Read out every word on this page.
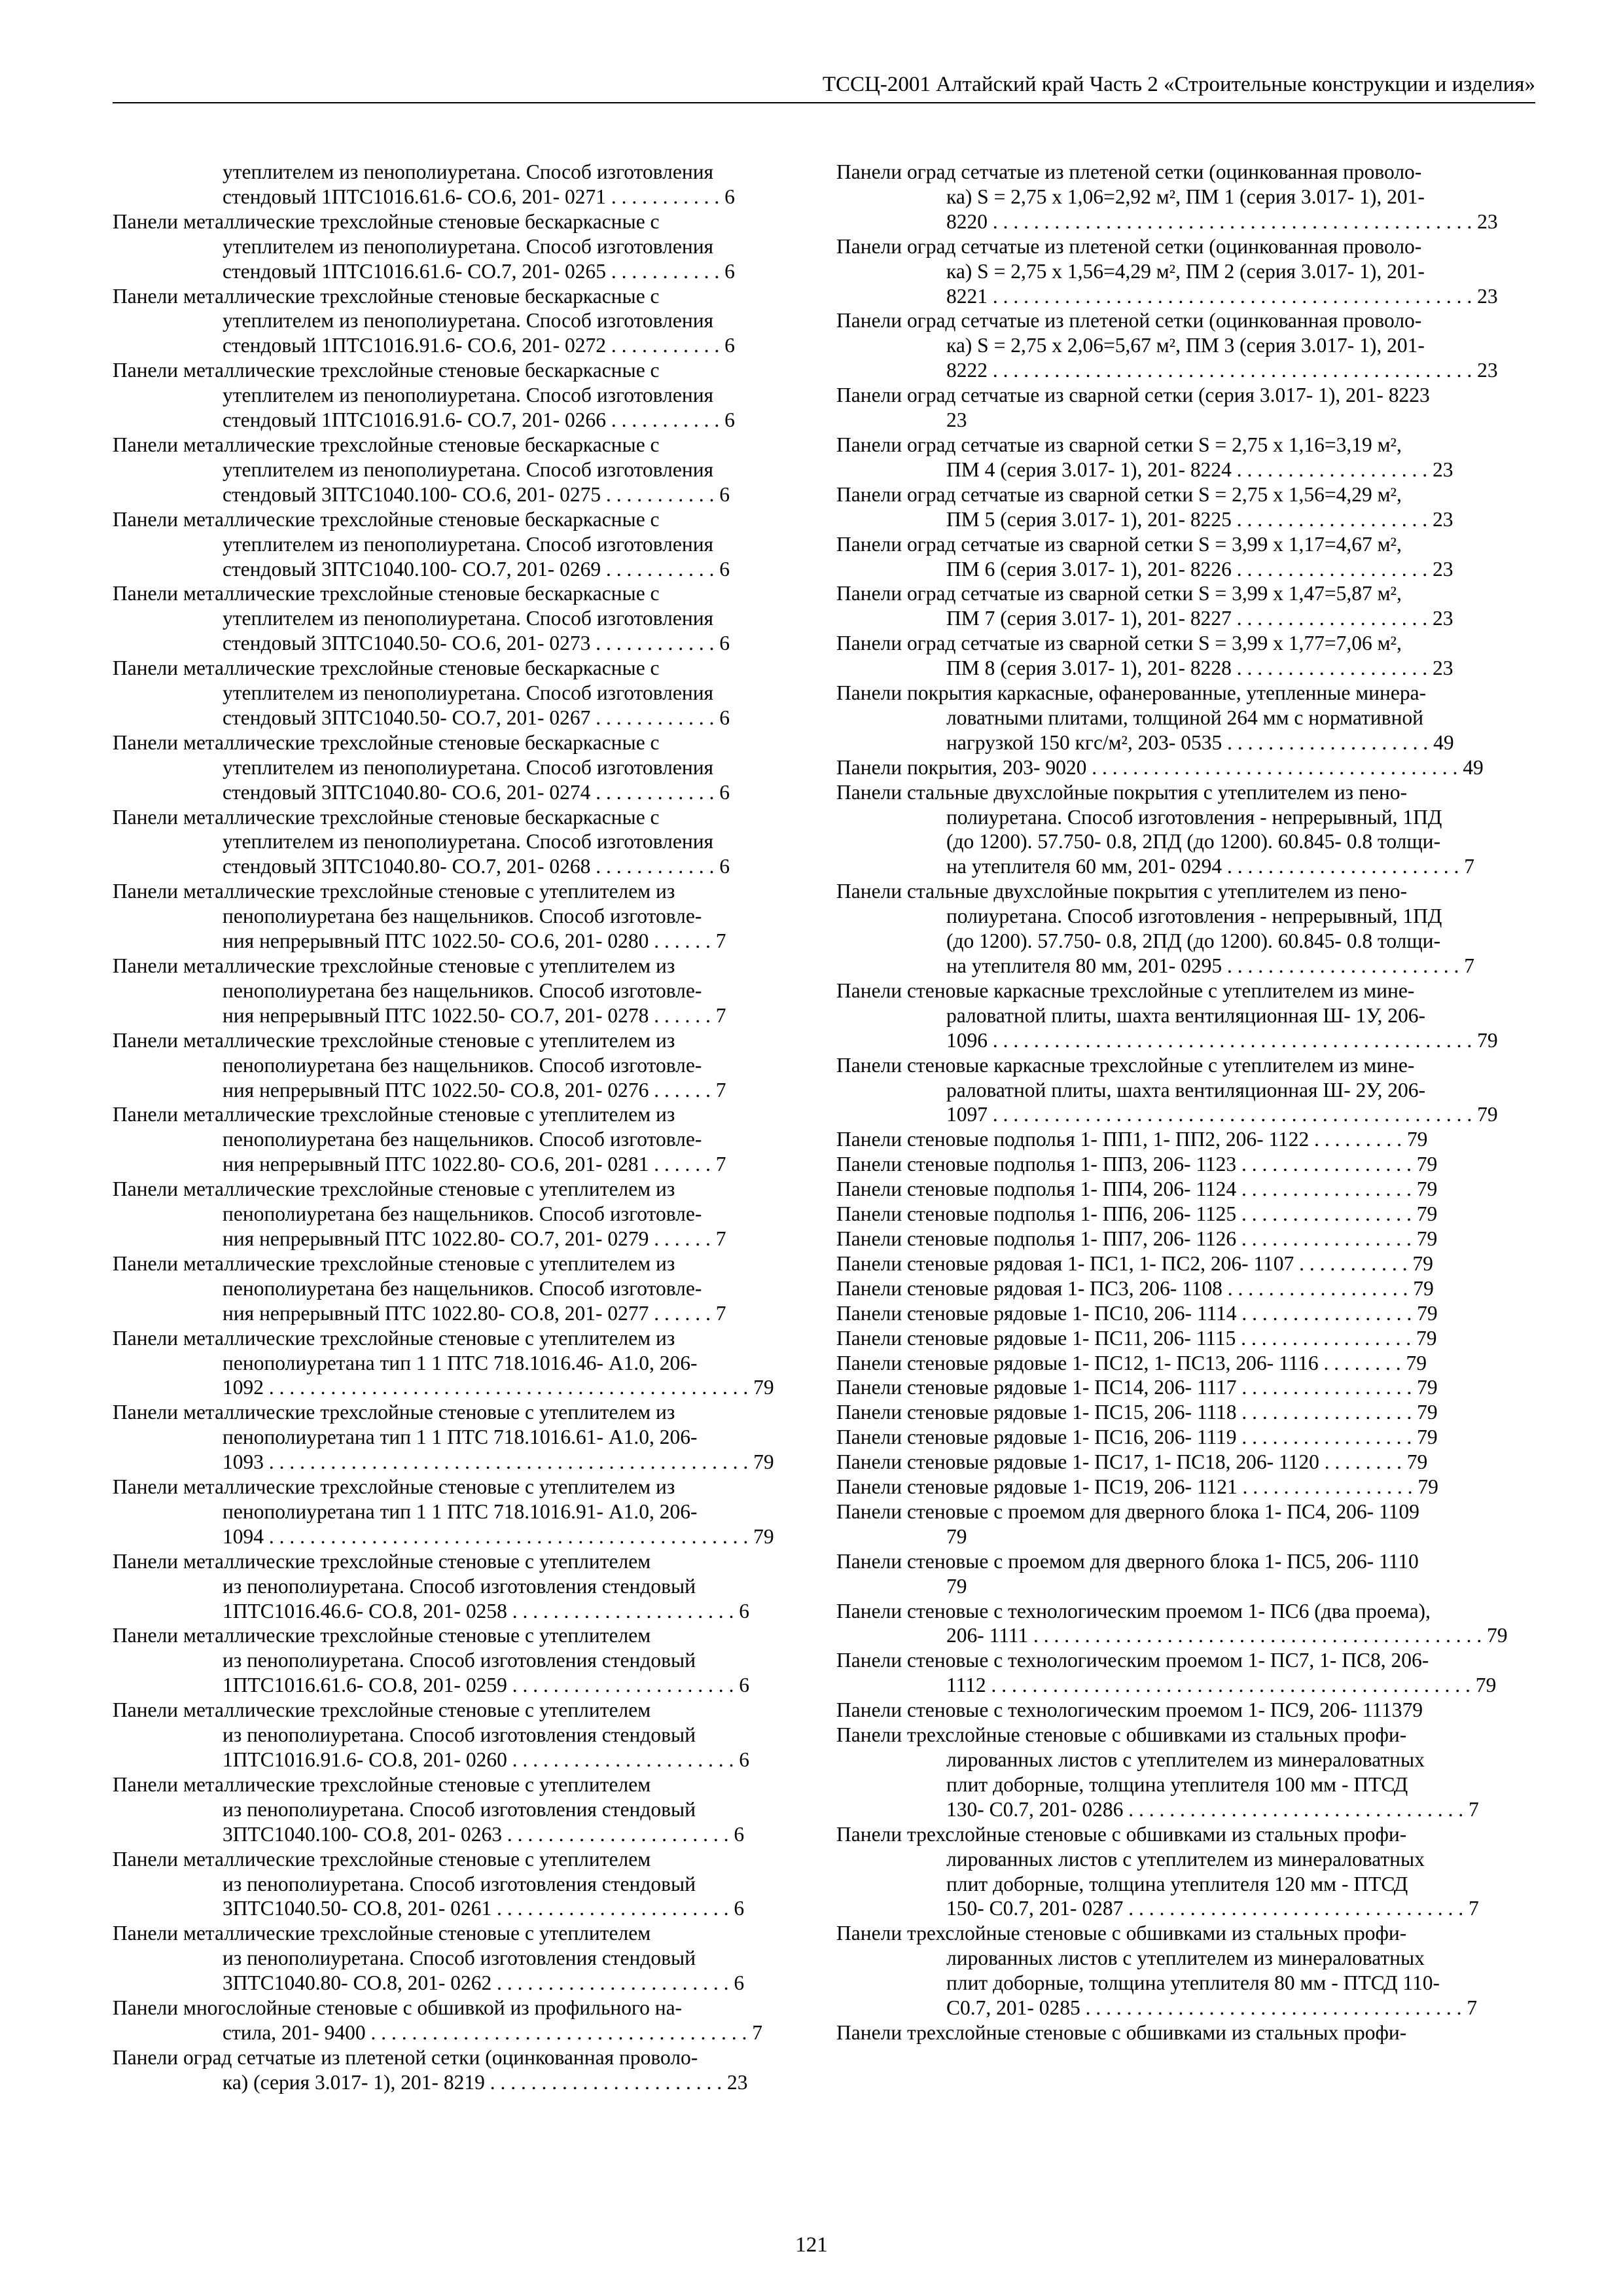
ТССЦ-2001 Алтайский край Часть 2 «Строительные конструкции и изделия»
утеплителем из пенополиуретана. Способ изготовления
стендовый 1ПТС1016.61.6- СО.6, 201- 0271 . . . . . . . . . . . 6
Панели металлические трехслойные стеновые бескаркасные с
утеплителем из пенополиуретана. Способ изготовления
стендовый 1ПТС1016.61.6- СО.7, 201- 0265 . . . . . . . . . . . 6
Панели металлические трехслойные стеновые бескаркасные с
утеплителем из пенополиуретана. Способ изготовления
стендовый 1ПТС1016.91.6- СО.6, 201- 0272 . . . . . . . . . . . 6
Панели металлические трехслойные стеновые бескаркасные с
утеплителем из пенополиуретана. Способ изготовления
стендовый 1ПТС1016.91.6- СО.7, 201- 0266 . . . . . . . . . . . 6
Панели металлические трехслойные стеновые бескаркасные с
утеплителем из пенополиуретана. Способ изготовления
стендовый 3ПТС1040.100- СО.6, 201- 0275 . . . . . . . . . . . 6
Панели металлические трехслойные стеновые бескаркасные с
утеплителем из пенополиуретана. Способ изготовления
стендовый 3ПТС1040.100- СО.7, 201- 0269 . . . . . . . . . . . 6
Панели металлические трехслойные стеновые бескаркасные с
утеплителем из пенополиуретана. Способ изготовления
стендовый 3ПТС1040.50- СО.6, 201- 0273 . . . . . . . . . . . . 6
Панели металлические трехслойные стеновые бескаркасные с
утеплителем из пенополиуретана. Способ изготовления
стендовый 3ПТС1040.50- СО.7, 201- 0267 . . . . . . . . . . . . 6
Панели металлические трехслойные стеновые бескаркасные с
утеплителем из пенополиуретана. Способ изготовления
стендовый 3ПТС1040.80- СО.6, 201- 0274 . . . . . . . . . . . . 6
Панели металлические трехслойные стеновые бескаркасные с
утеплителем из пенополиуретана. Способ изготовления
стендовый 3ПТС1040.80- СО.7, 201- 0268 . . . . . . . . . . . . 6
Панели металлические трехслойные стеновые с утеплителем из
пенополиуретана без нащельников. Способ изготовле-
ния непрерывный ПТС 1022.50- СО.6, 201- 0280 . . . . . . 7
Панели металлические трехслойные стеновые с утеплителем из
пенополиуретана без нащельников. Способ изготовле-
ния непрерывный ПТС 1022.50- СО.7, 201- 0278 . . . . . . 7
Панели металлические трехслойные стеновые с утеплителем из
пенополиуретана без нащельников. Способ изготовле-
ния непрерывный ПТС 1022.50- СО.8, 201- 0276 . . . . . . 7
Панели металлические трехслойные стеновые с утеплителем из
пенополиуретана без нащельников. Способ изготовле-
ния непрерывный ПТС 1022.80- СО.6, 201- 0281 . . . . . . 7
Панели металлические трехслойные стеновые с утеплителем из
пенополиуретана без нащельников. Способ изготовле-
ния непрерывный ПТС 1022.80- СО.7, 201- 0279 . . . . . . 7
Панели металлические трехслойные стеновые с утеплителем из
пенополиуретана без нащельников. Способ изготовле-
ния непрерывный ПТС 1022.80- СО.8, 201- 0277 . . . . . . 7
Панели металлические трехслойные стеновые с утеплителем из
пенополиуретана тип 1 1 ПТС 718.1016.46- А1.0, 206-
1092 . . . . . . . . . . . . . . . . . . . . . . . . . . . . . . . . . . . . . . . . . . . . . . . 79
Панели металлические трехслойные стеновые с утеплителем из
пенополиуретана тип 1 1 ПТС 718.1016.61- А1.0, 206-
1093 . . . . . . . . . . . . . . . . . . . . . . . . . . . . . . . . . . . . . . . . . . . . . . . 79
Панели металлические трехслойные стеновые с утеплителем из
пенополиуретана тип 1 1 ПТС 718.1016.91- А1.0, 206-
1094 . . . . . . . . . . . . . . . . . . . . . . . . . . . . . . . . . . . . . . . . . . . . . . . 79
Панели металлические трехслойные стеновые с утеплителем
из пенополиуретана. Способ изготовления стендовый
1ПТС1016.46.6- СО.8, 201- 0258 . . . . . . . . . . . . . . . . . . . . . . 6
Панели металлические трехслойные стеновые с утеплителем
из пенополиуретана. Способ изготовления стендовый
1ПТС1016.61.6- СО.8, 201- 0259 . . . . . . . . . . . . . . . . . . . . . . 6
Панели металлические трехслойные стеновые с утеплителем
из пенополиуретана. Способ изготовления стендовый
1ПТС1016.91.6- СО.8, 201- 0260 . . . . . . . . . . . . . . . . . . . . . . 6
Панели металлические трехслойные стеновые с утеплителем
из пенополиуретана. Способ изготовления стендовый
3ПТС1040.100- СО.8, 201- 0263 . . . . . . . . . . . . . . . . . . . . . . 6
Панели металлические трехслойные стеновые с утеплителем
из пенополиуретана. Способ изготовления стендовый
3ПТС1040.50- СО.8, 201- 0261 . . . . . . . . . . . . . . . . . . . . . . . 6
Панели металлические трехслойные стеновые с утеплителем
из пенополиуретана. Способ изготовления стендовый
3ПТС1040.80- СО.8, 201- 0262 . . . . . . . . . . . . . . . . . . . . . . . 6
Панели многослойные стеновые с обшивкой из профильного на-
стила, 201- 9400 . . . . . . . . . . . . . . . . . . . . . . . . . . . . . . . . . . . . . 7
Панели оград сетчатые из плетеной сетки (оцинкованная проволо-
ка) (серия 3.017- 1), 201- 8219 . . . . . . . . . . . . . . . . . . . . . . . 23
Панели оград сетчатые из плетеной сетки (оцинкованная проволо-
ка) S = 2,75 x 1,06=2,92 м², ПМ 1 (серия 3.017- 1), 201-
8220 . . . . . . . . . . . . . . . . . . . . . . . . . . . . . . . . . . . . . . . . . . . . . . . 23
Панели оград сетчатые из плетеной сетки (оцинкованная проволо-
ка) S = 2,75 x 1,56=4,29 м², ПМ 2 (серия 3.017- 1), 201-
8221 . . . . . . . . . . . . . . . . . . . . . . . . . . . . . . . . . . . . . . . . . . . . . . . 23
Панели оград сетчатые из плетеной сетки (оцинкованная проволо-
ка) S = 2,75 x 2,06=5,67 м², ПМ 3 (серия 3.017- 1), 201-
8222 . . . . . . . . . . . . . . . . . . . . . . . . . . . . . . . . . . . . . . . . . . . . . . . 23
Панели оград сетчатые из сварной сетки (серия 3.017- 1), 201- 8223
23
Панели оград сетчатые из сварной сетки S = 2,75 x 1,16=3,19 м²,
ПМ 4 (серия 3.017- 1), 201- 8224 . . . . . . . . . . . . . . . . . . . 23
Панели оград сетчатые из сварной сетки S = 2,75 x 1,56=4,29 м²,
ПМ 5 (серия 3.017- 1), 201- 8225 . . . . . . . . . . . . . . . . . . . 23
Панели оград сетчатые из сварной сетки S = 3,99 x 1,17=4,67 м²,
ПМ 6 (серия 3.017- 1), 201- 8226 . . . . . . . . . . . . . . . . . . . 23
Панели оград сетчатые из сварной сетки S = 3,99 x 1,47=5,87 м²,
ПМ 7 (серия 3.017- 1), 201- 8227 . . . . . . . . . . . . . . . . . . . 23
Панели оград сетчатые из сварной сетки S = 3,99 x 1,77=7,06 м²,
ПМ 8 (серия 3.017- 1), 201- 8228 . . . . . . . . . . . . . . . . . . . 23
Панели покрытия каркасные, офанерованные, утепленные минера-
ловатными плитами, толщиной 264 мм с нормативной
нагрузкой 150 кгс/м², 203- 0535 . . . . . . . . . . . . . . . . . . . . 49
Панели покрытия, 203- 9020 . . . . . . . . . . . . . . . . . . . . . . . . . . . . . . . . . . . . 49
Панели стальные двухслойные покрытия с утеплителем из пено-
полиуретана. Способ изготовления - непрерывный, 1ПД
(до 1200). 57.750- 0.8, 2ПД (до 1200). 60.845- 0.8 толщи-
на утеплителя 60 мм, 201- 0294 . . . . . . . . . . . . . . . . . . . . . . . 7
Панели стальные двухслойные покрытия с утеплителем из пено-
полиуретана. Способ изготовления - непрерывный, 1ПД
(до 1200). 57.750- 0.8, 2ПД (до 1200). 60.845- 0.8 толщи-
на утеплителя 80 мм, 201- 0295 . . . . . . . . . . . . . . . . . . . . . . . 7
Панели стеновые каркасные трехслойные с утеплителем из мине-
раловатной плиты, шахта вентиляционная Ш- 1У, 206-
1096 . . . . . . . . . . . . . . . . . . . . . . . . . . . . . . . . . . . . . . . . . . . . . . . 79
Панели стеновые каркасные трехслойные с утеплителем из мине-
раловатной плиты, шахта вентиляционная Ш- 2У, 206-
1097 . . . . . . . . . . . . . . . . . . . . . . . . . . . . . . . . . . . . . . . . . . . . . . . 79
Панели стеновые подполья 1- ПП1, 1- ПП2, 206- 1122 . . . . . . . . . 79
Панели стеновые подполья 1- ПП3, 206- 1123 . . . . . . . . . . . . . . . . . 79
Панели стеновые подполья 1- ПП4, 206- 1124 . . . . . . . . . . . . . . . . . 79
Панели стеновые подполья 1- ПП6, 206- 1125 . . . . . . . . . . . . . . . . . 79
Панели стеновые подполья 1- ПП7, 206- 1126 . . . . . . . . . . . . . . . . . 79
Панели стеновые рядовая 1- ПС1, 1- ПС2, 206- 1107 . . . . . . . . . . . 79
Панели стеновые рядовая 1- ПС3, 206- 1108 . . . . . . . . . . . . . . . . . . 79
Панели стеновые рядовые 1- ПС10, 206- 1114 . . . . . . . . . . . . . . . . . 79
Панели стеновые рядовые 1- ПС11, 206- 1115 . . . . . . . . . . . . . . . . . 79
Панели стеновые рядовые 1- ПС12, 1- ПС13, 206- 1116 . . . . . . . . 79
Панели стеновые рядовые 1- ПС14, 206- 1117 . . . . . . . . . . . . . . . . . 79
Панели стеновые рядовые 1- ПС15, 206- 1118 . . . . . . . . . . . . . . . . . 79
Панели стеновые рядовые 1- ПС16, 206- 1119 . . . . . . . . . . . . . . . . . 79
Панели стеновые рядовые 1- ПС17, 1- ПС18, 206- 1120 . . . . . . . . 79
Панели стеновые рядовые 1- ПС19, 206- 1121 . . . . . . . . . . . . . . . . . 79
Панели стеновые с проемом для дверного блока 1- ПС4, 206- 1109
79
Панели стеновые с проемом для дверного блока 1- ПС5, 206- 1110
79
Панели стеновые с технологическим проемом 1- ПС6 (два проема),
206- 1111 . . . . . . . . . . . . . . . . . . . . . . . . . . . . . . . . . . . . . . . . . . . . 79
Панели стеновые с технологическим проемом 1- ПС7, 1- ПС8, 206-
1112 . . . . . . . . . . . . . . . . . . . . . . . . . . . . . . . . . . . . . . . . . . . . . . . 79
Панели стеновые с технологическим проемом 1- ПС9, 206- 111379
Панели трехслойные стеновые с обшивками из стальных профи-
лированных листов с утеплителем из минераловатных
плит доборные, толщина утеплителя 100 мм - ПТСД
130- С0.7, 201- 0286 . . . . . . . . . . . . . . . . . . . . . . . . . . . . . . . . . 7
Панели трехслойные стеновые с обшивками из стальных профи-
лированных листов с утеплителем из минераловатных
плит доборные, толщина утеплителя 120 мм - ПТСД
150- С0.7, 201- 0287 . . . . . . . . . . . . . . . . . . . . . . . . . . . . . . . . . 7
Панели трехслойные стеновые с обшивками из стальных профи-
лированных листов с утеплителем из минераловатных
плит доборные, толщина утеплителя 80 мм - ПТСД 110-
С0.7, 201- 0285 . . . . . . . . . . . . . . . . . . . . . . . . . . . . . . . . . . . . . 7
Панели трехслойные стеновые с обшивками из стальных профи-
121
